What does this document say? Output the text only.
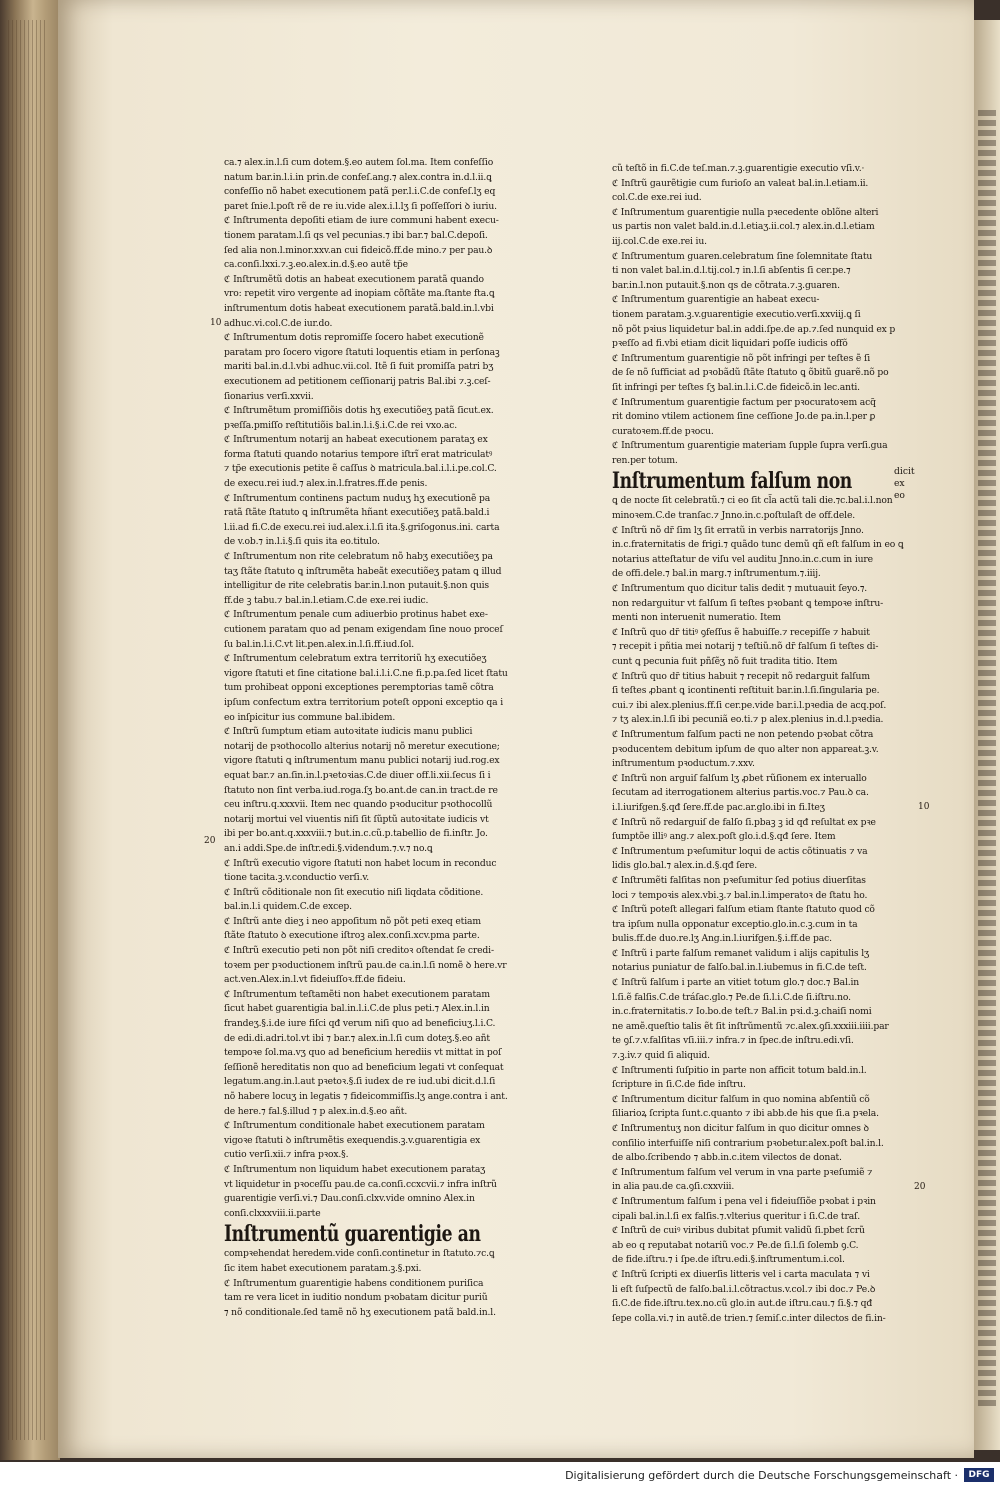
ca.⁊ alex.in.l.ſi cum dotem.§.eo autem ſol.ma. Item confeſſio
natum bar.in.l.i.in prin.de confeſ.ang.⁊ alex.contra in.d.l.ii.ꝗ
confeſſio nõ habet executionem patã per.l.i.C.de confeſ.lʒ eq
paret ſnie.l.poſt rẽ de re iu.vide alex.i.l.lʒ ſi poſſeſſori ꝺ iuriu.
ℭ Inſtrumenta depoſiti etiam de iure communi habent execu-
tionem paratam.l.ſi qs vel pecunias.⁊ ibi bar.⁊ bal.C.depoſi.
ſed alia non.l.minor.xxv.an cui fideicõ.ff.de mino.⁊ per pau.ꝺ
ca.conſi.lxxi.⁊.ꝫ.eo.alex.in.d.§.eo autẽ tp̃e
ℭ Inſtrumẽtũ dotis an habeat executionem paratã quando
vro: repetit viro vergente ad inopiam cõſtãte ma.ſtante fta.ꝗ
inſtrumentum dotis habeat executionem paratã.bald.in.l.vbi
adhuc.vi.col.C.de iur.do.
ℭ Inſtrumentum dotis repromiſſe ſocero habet executionẽ
paratam pro ſocero vigore ſtatuti loquentis etiam in perſonaꝫ
mariti bal.in.d.l.vbi adhuc.vii.col. Itẽ ſi fuit promiſſa patri bʒ
executionem ad petitionem ceſſionarij patris Bal.ibi ⁊.ꝫ.ceſ-
ſionarius verſi.xxvii.
ℭ Inſtrumẽtum promiſſiõis dotis hʒ executiõeʒ patã ſicut.ex.
pꝛeſſa.pmiſſo reſtitutiõis bal.in.l.i.§.i.C.de rei vxo.ac.
ℭ Inſtrumentum notarij an habeat executionem parataʒ ex
forma ſtatuti quando notarius tempore iſtrĩ erat matriculatꝰ
⁊ tp̃e executionis petite ẽ caſſus ꝺ matricula.bal.i.l.i.pe.col.C.
de execu.rei iud.⁊ alex.in.l.fratres.ff.de penis.
ℭ Inſtrumentum continens pactum nuduʒ hʒ executionẽ pa
ratã ſtãte ſtatuto ꝗ inſtrumẽta hñant executiõeʒ patã.bald.i
l.ii.ad fi.C.de execu.rei iud.alex.i.l.ſi ita.§.griſogonus.ini. carta
de v.ob.⁊ in.l.i.§.ſi quis ita eo.titulo.
ℭ Inſtrumentum non rite celebratum nõ habʒ executiõeʒ pa
taʒ ſtãte ſtatuto ꝗ inſtrumẽta habeãt executiõeʒ patam ꝗ illud
intelligitur de rite celebratis bar.in.l.non putauit.§.non quis
ff.de ꝫ tabu.⁊ bal.in.l.etiam.C.de exe.rei iudic.
ℭ Inſtrumentum penale cum adiuerbio protinus habet exe-
cutionem paratam quo ad penam exigendam ſine nouo proceſ
ſu bal.in.l.i.C.vt lit.pen.alex.in.l.ſi.ff.iud.ſol.
ℭ Inſtrumentum celebratum extra territoriũ hʒ executiõeʒ
vigore ſtatuti et ſine citatione bal.i.l.i.C.ne fi.p.pa.ſed licet ſtatu
tum prohibeat opponi exceptiones peremptorias tamẽ cõtra
ipſum confectum extra territorium poteſt opponi exceptio qa i
eo inſpicitur ius commune bal.ibidem.
ℭ Inſtrũ ſumptum etiam autoꝛitate iudicis manu publici
notarij de pꝛothocollo alterius notarij nõ meretur executione;
vigore ſtatuti ꝗ inſtrumentum manu publici notarij iud.rog.ex
equat bar.⁊ an.ſin.in.l.pꝛetoꝛias.C.de diuer off.li.xii.ſecus ſi i
ſtatuto non ſint verba.iud.roga.ſʒ bo.ant.de can.in tract.de re
ceu inſtru.q.xxxvii. Item nec quando pꝛoducitur pꝛothocollũ
notarij mortui vel viuentis niſi ſit ſũptũ autoꝛitate iudicis vt
ibi per bo.ant.q.xxxviii.⁊ but.in.c.cũ.p.tabellio de fi.inſtr. Jo.
an.i addi.Spe.de inſtr.edi.§.videndum.⁊.v.⁊ no.ꝗ
ℭ Inſtrũ executio vigore ſtatuti non habet locum in reconduc
tione tacita.ꝫ.v.conductio verſi.v.
ℭ Inſtrũ cõditionale non ſit executio niſi liqdata cõditione.
bal.in.l.i quidem.C.de excep.
ℭ Inſtrũ ante dieʒ i neo appoſitum nõ põt peti exeq etiam
ſtãte ſtatuto ꝺ executione iſtroꝫ alex.conſi.xcv.pma parte.
ℭ Inſtrũ executio peti non põt niſi creditoꝛ oſtendat ſe credi-
toꝛem per pꝛoductionem inſtrũ pau.de ca.in.l.ſi nomẽ ꝺ here.vr
act.ven.Alex.in.l.vt fideiuſſoꝛ.ff.de fideiu.
ℭ Inſtrumentum teſtamẽti non habet executionem paratam
ſicut habet guarentigia bal.in.l.i.C.de plus peti.⁊ Alex.in.l.in
frandeʒ.§.i.de iure fiſci qđ verum niſi quo ad beneficiuʒ.l.i.C.
de edi.di.adri.tol.vt ibi ⁊ bar.⁊ alex.in.l.ſi cum doteʒ.§.eo añt
tempoꝛe ſol.ma.vʒ quo ad beneficium herediis vt mittat in poſ
ſeſſionẽ hereditatis non quo ad beneficium legati vt conſequat
legatum.ang.in.l.aut pꝛetoꝛ.§.ſi iudex de re iud.ubi dicit.d.l.ſi
nõ habere locuʒ in legatis ⁊ fideicommiſſis.lʒ ange.contra i ant.
de here.⁊ fal.§.illud ⁊ p alex.in.d.§.eo añt.
ℭ Inſtrumentum conditionale habet executionem paratam
vigoꝛe ſtatuti ꝺ inſtrumẽtis exequendis.ꝫ.v.guarentigia ex
cutio verſi.xii.⁊ infra pꝛox.§.
ℭ Inſtrumentum non liquidum habet executionem parataʒ
vt liquidetur in pꝛoceſſu pau.de ca.conſi.ccxcvii.⁊ infra inſtrũ
guarentigie verſi.vi.⁊ Dau.conſi.clxv.vide omnino Alex.in
conſi.clxxxviii.ii.parte
Inſtrumentũ guarentigie an
compꝛehendat heredem.vide conſi.continetur in ſtatuto.⁊c.ꝗ
ſic item habet executionem paratam.ꝫ.§.pxi.
ℭ Inſtrumentum guarentigie habens conditionem puriſica
tam re vera licet in iuditio nondum pꝛobatam dicitur puriũ
⁊ nõ conditionale.ſed tamẽ nõ hʒ executionem patã bald.in.l.
cũ teſtõ in fi.C.de teſ.man.⁊.ꝫ.guarentigie executio vſi.v.·
ℭ Inſtrũ gaurẽtigie cum furioſo an valeat bal.in.l.etiam.ii.
col.C.de exe.rei iud.
ℭ Inſtrumentum guarentigie nulla pꝛecedente oblõne alteri
us partis non valet bald.in.d.l.etiaʒ.ii.col.⁊ alex.in.d.l.etiam
iij.col.C.de exe.rei iu.
ℭ Inſtrumentum guaren.celebratum ſine ſolemnitate ſtatu
ti non valet bal.in.d.l.tij.col.⁊ in.l.ſi abſentis ſi cer.pe.⁊
bar.in.l.non putauit.§.non qs de cõtrata.⁊.ꝫ.guaren.
ℭ Inſtrumentum guarentigie an habeat execu-
tionem paratam.ꝫ.v.guarentigie executio.verſi.xxviij.ꝗ ſi
nõ põt pꝛius liquidetur bal.in addi.ſpe.de ap.⁊.ſed nunquid ex p
pꝛeſſo ad fi.vbi etiam dicit liquidari poſſe iudicis offõ
ℭ Inſtrumentum guarentigie nõ põt infringi per teſtes ẽ ſi
de ſe nõ ſufficiat ad pꝛobãdũ ſtãte ſtatuto ꝗ õbitũ guarẽ.nõ po
ſit infringi per teſtes ſʒ bal.in.l.i.C.de fideicõ.in lec.anti.
ℭ Inſtrumentum guarentigie factum per pꝛocuratoꝛem acq̃
rit domino vtilem actionem ſine ceſſione Jo.de pa.in.l.per ꝑ
curatoꝛem.ff.de pꝛocu.
ℭ Inſtrumentum guarentigie materiam ſupple ſupra verſi.gua
ren.per totum.
Inſtrumentum falſum non	dicit
ex eo
ꝗ de nocte ſit celebratũ.⁊ ci eo ſit cl̃a actũ tali die.⁊c.bal.i.l.non
minoꝛem.C.de tranſac.⁊ Jnno.in.c.poſtulaſt de off.dele.
ℭ Inſtrũ nõ dr̃ ſim lʒ ſit erratũ in verbis narratorijs Jnno.
in.c.fraternitatis de frigi.⁊ quãdo tunc demũ qñ eſt falſum in eo ꝗ
notarius atteſtatur de viſu vel auditu Jnno.in.c.cum in iure
de offi.dele.⁊ bal.in marg.⁊ inſtrumentum.⁊.iiij.
ℭ Inſtrumentum quo dicitur talis dedit ⁊ mutuauit ſeyo.⁊.
non redarguitur vt falſum ſi teſtes pꝛobant ꝗ tempoꝛe inſtru-
menti non interuenit numeratio. Item
ℭ Inſtrũ quo dr̃ titiꝰ ꝯfeſſus ẽ habuiſſe.⁊ recepiſſe ⁊ habuit
⁊ recepit i pñtia mei notarij ⁊ teſtiũ.nõ dr̃ falſum ſi teſtes di-
cunt ꝗ pecunia fuit pñſẽʒ nõ fuit tradita titio. Item
ℭ Inſtrũ quo dr̃ titius habuit ⁊ recepit nõ redarguit falſum
ſi teſtes ꝓbant ꝗ icontinenti reſtituit bar.in.l.ſi.ſingularia pe.
cui.⁊ ibi alex.plenius.ff.ſi cer.pe.vide bar.i.l.pꝛedia de acq.poſ.
⁊ tʒ alex.in.l.ſi ibi pecuniã eo.ti.⁊ p alex.plenius in.d.l.pꝛedia.
ℭ Inſtrumentum falſum pacti ne non petendo pꝛobat cõtra
pꝛoducentem debitum ipſum de quo alter non appareat.ꝫ.v.
inſtrumentum pꝛoductum.⁊.xxv.
ℭ Inſtrũ non arguiſ falſum lʒ ꝓbet rũſionem ex interuallo
ſecutam ad iterrogationem alterius partis.voc.⁊ Pau.ꝺ ca.
i.l.iurifgen.§.qđ ſere.ff.de pac.ar.glo.ibi in fi.Iteʒ
ℭ Inſtrũ nõ redarguiſ de falſo ſi.pbaꝫ ꝫ id qđ reſultat ex pꝛe
ſumptõe illiꝰ ang.⁊ alex.poſt glo.i.d.§.qđ ſere. Item
ℭ Inſtrumentum pꝛeſumitur loqui de actis cõtinuatis ⁊ va
lidis glo.bal.⁊ alex.in.d.§.qđ ſere.
ℭ Inſtrumẽti falſitas non pꝛeſumitur ſed potius diuerſitas
loci ⁊ tempoꝛis alex.vbi.ꝫ.⁊ bal.in.l.imperatoꝛ de ſtatu ho.
ℭ Inſtrũ poteſt allegari falſum etiam ſtante ſtatuto quod cõ
tra ipſum nulla opponatur exceptio.glo.in.c.ꝫ.cum in ta
bulis.ff.de duo.re.lʒ Ang.in.l.iurifgen.§.i.ff.de pac.
ℭ Inſtrũ i parte falſum remanet validum i alijs capitulis lʒ
notarius puniatur de falſo.bal.in.l.iubemus in fi.C.de teſt.
ℭ Inſtrũ falſum i parte an vitiet totum glo.⁊ doc.⁊ Bal.in
l.ſi.ẽ falſis.C.de tráſac.glo.⁊ Pe.de ſi.l.i.C.de ſi.iſtru.no.
in.c.fraternitatis.⁊ Io.bo.de teſt.⁊ Bal.in pꝛi.d.ꝫ.chaiſi nomi
ne amẽ.queſtio talis ẽt ſit inſtrũmentũ ⁊c.alex.ꝯſi.xxxiii.iiii.par
te ꝯſ.⁊.v.falſitas vſi.iii.⁊ infra.⁊ in ſpec.de inſtru.edi.vſi.
⁊.ꝫ.iv.⁊ quid ſi aliquid.
ℭ Inſtrumenti ſuſpitio in parte non afficit totum bald.in.l.
ſcripture in ſi.C.de fide inſtru.
ℭ Inſtrumentum dicitur falſum in quo nomina abſentiũ cõ
ſiliarioꝝ ſcripta ſunt.c.quanto ⁊ ibi abb.de his que ſi.a pꝛela.
ℭ Inſtrumentuʒ non dicitur falſum in quo dicitur omnes ꝺ
conſilio interfuiſſe niſi contrarium pꝛobetur.alex.poſt bal.in.l.
de albo.ſcribendo ⁊ abb.in.c.item vilectos de donat.
ℭ Inſtrumentum falſum vel verum in vna parte pꝛeſumiẽ ⁊
in alia pau.de ca.ꝯſi.cxxviii.
ℭ Inſtrumentum falſum i pena vel i fideiuſſiõe pꝛobat i pꝛin
cipali bal.in.l.ſi ex falſis.⁊.vlterius queritur i ſi.C.de traſ.
ℭ Inſtrũ de cuiꝰ viribus dubitat pſumit validũ ſi.pbet ſcrũ
ab eo q reputabat notariũ voc.⁊ Pe.de ſi.l.ſi ſolemb ꝯ.C.
de fide.iſtru.⁊ i ſpe.de iſtru.edi.§.inſtrumentum.i.col.
ℭ Inſtrũ ſcripti ex diuerſis litteris vel i carta maculata ⁊ vi
li eſt ſuſpectũ de falſo.bal.i.l.cõtractus.v.col.⁊ ibi doc.⁊ Pe.ꝺ
ſi.C.de fide.iſtru.tex.no.cũ glo.in aut.de iſtru.cau.⁊ ſi.§.⁊ qđ
ſepe colla.vi.⁊ in autẽ.de trien.⁊ ſemiſ.c.inter dilectos de fi.in-
10
20
10
20
Digitalisierung gefördert durch die Deutsche Forschungsgemeinschaft ·	DFG
